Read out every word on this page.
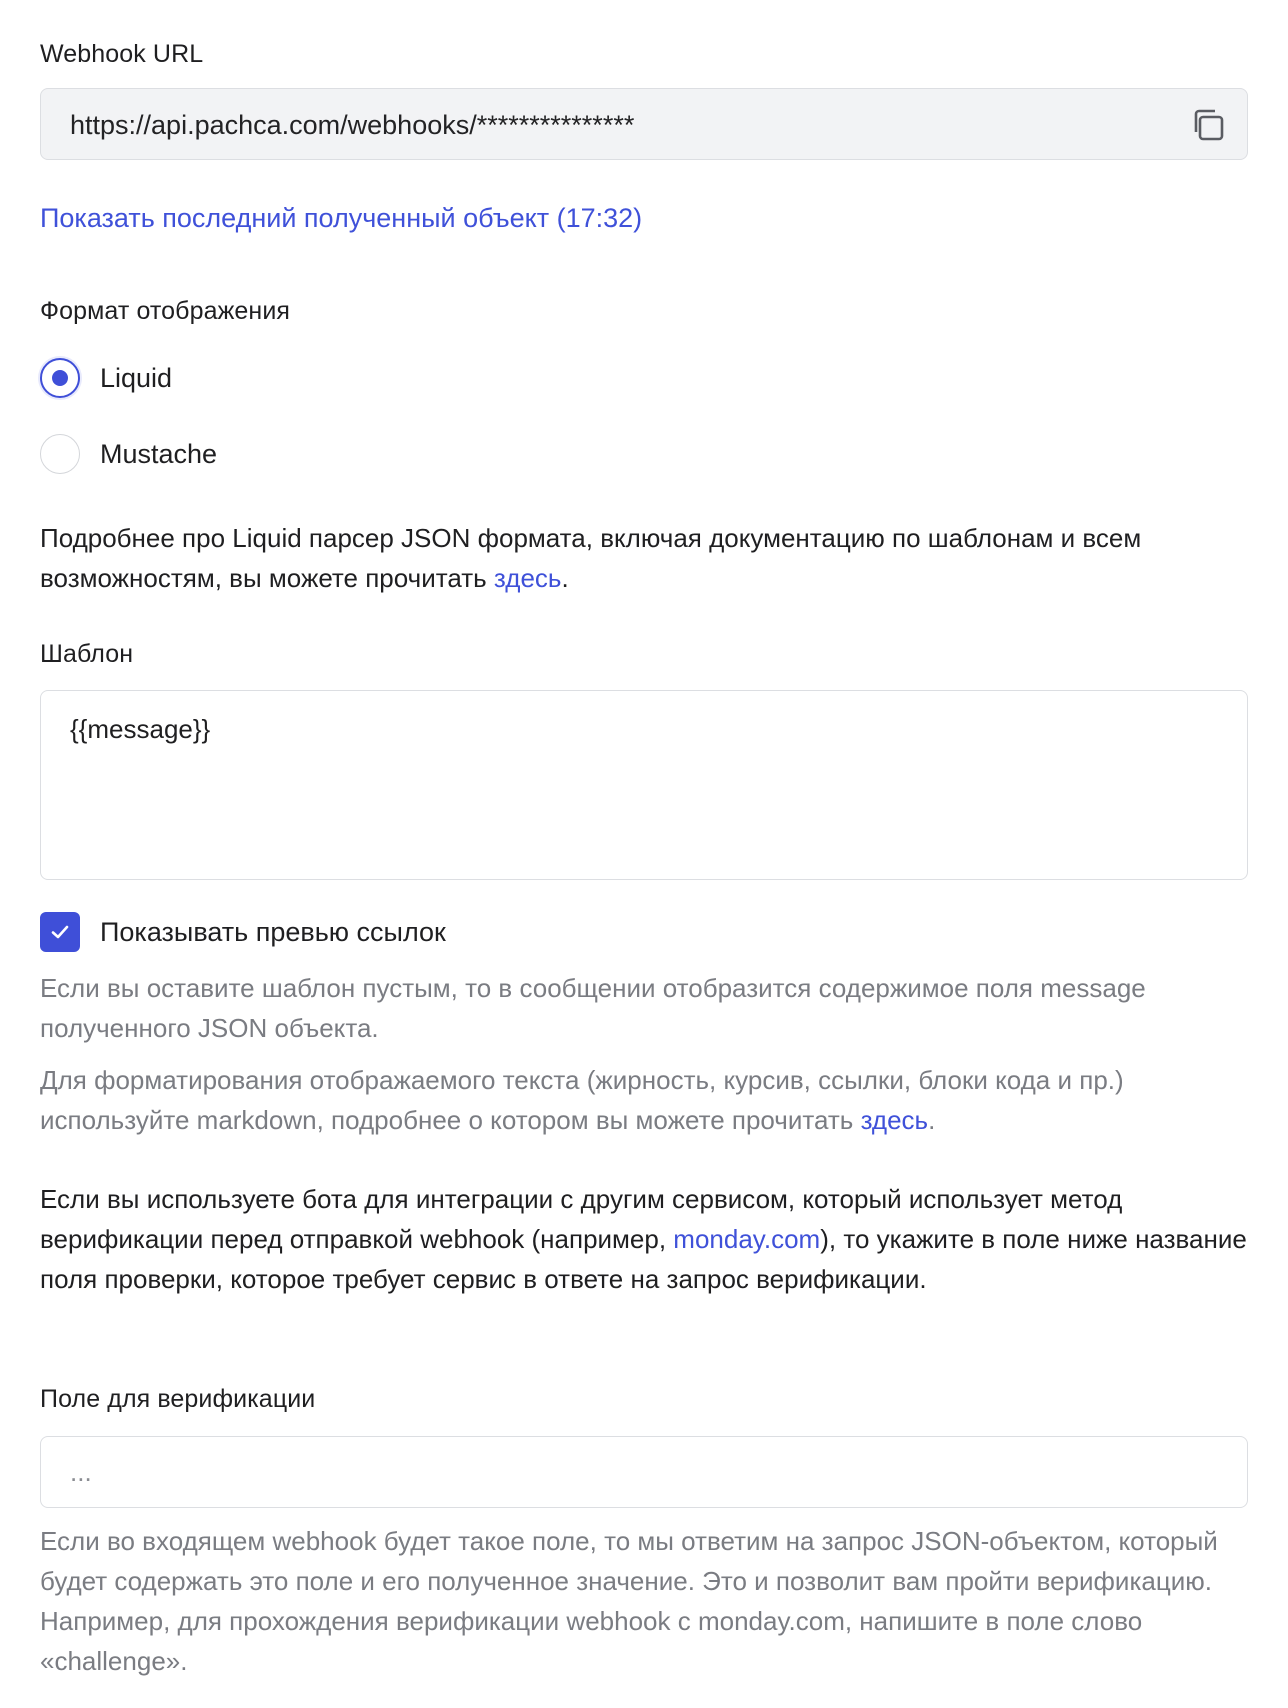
Webhook URL
https://api.pachca.com/webhooks/***************
Показать последний полученный объект (17:32)
Формат отображения
Liquid
Mustache
Подробнее про Liquid парсер JSON формата, включая документацию по шаблонам и всем возможностям, вы можете прочитать здесь.
Шаблон
{{message}}
Показывать превью ссылок
Если вы оставите шаблон пустым, то в сообщении отобразится содержимое поля message полученного JSON объекта.
Для форматирования отображаемого текста (жирность, курсив, ссылки, блоки кода и пр.) используйте markdown, подробнее о котором вы можете прочитать здесь.
Если вы используете бота для интеграции с другим сервисом, который использует метод верификации перед отправкой webhook (например, monday.com), то укажите в поле ниже название поля проверки, которое требует сервис в ответе на запрос верификации.
Поле для верификации
...
Если во входящем webhook будет такое поле, то мы ответим на запрос JSON-объектом, который будет содержать это поле и его полученное значение. Это и позволит вам пройти верификацию. Например, для прохождения верификации webhook с monday.com, напишите в поле слово «challenge».
